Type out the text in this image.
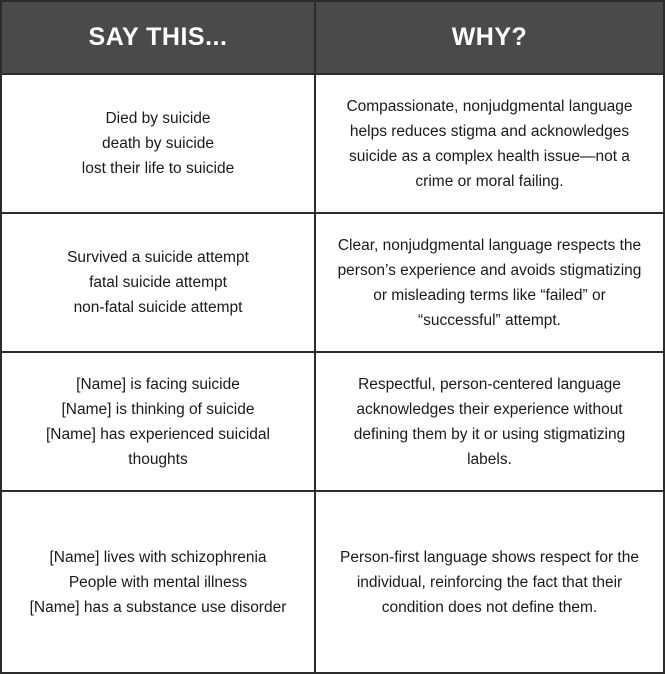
SAY THIS...	WHY?
Died by suicide
death by suicide
lost their life to suicide
Compassionate, nonjudgmental language helps reduces stigma and acknowledges suicide as a complex health issue—not a crime or moral failing.
Survived a suicide attempt
fatal suicide attempt
non-fatal suicide attempt
Clear, nonjudgmental language respects the person’s experience and avoids stigmatizing or misleading terms like “failed” or “successful” attempt.
[Name] is facing suicide
[Name] is thinking of suicide
[Name] has experienced suicidal
thoughts
Respectful, person-centered language acknowledges their experience without defining them by it or using stigmatizing labels.
[Name] lives with schizophrenia
People with mental illness
[Name] has a substance use disorder
Person-first language shows respect for the individual, reinforcing the fact that their condition does not define them.
